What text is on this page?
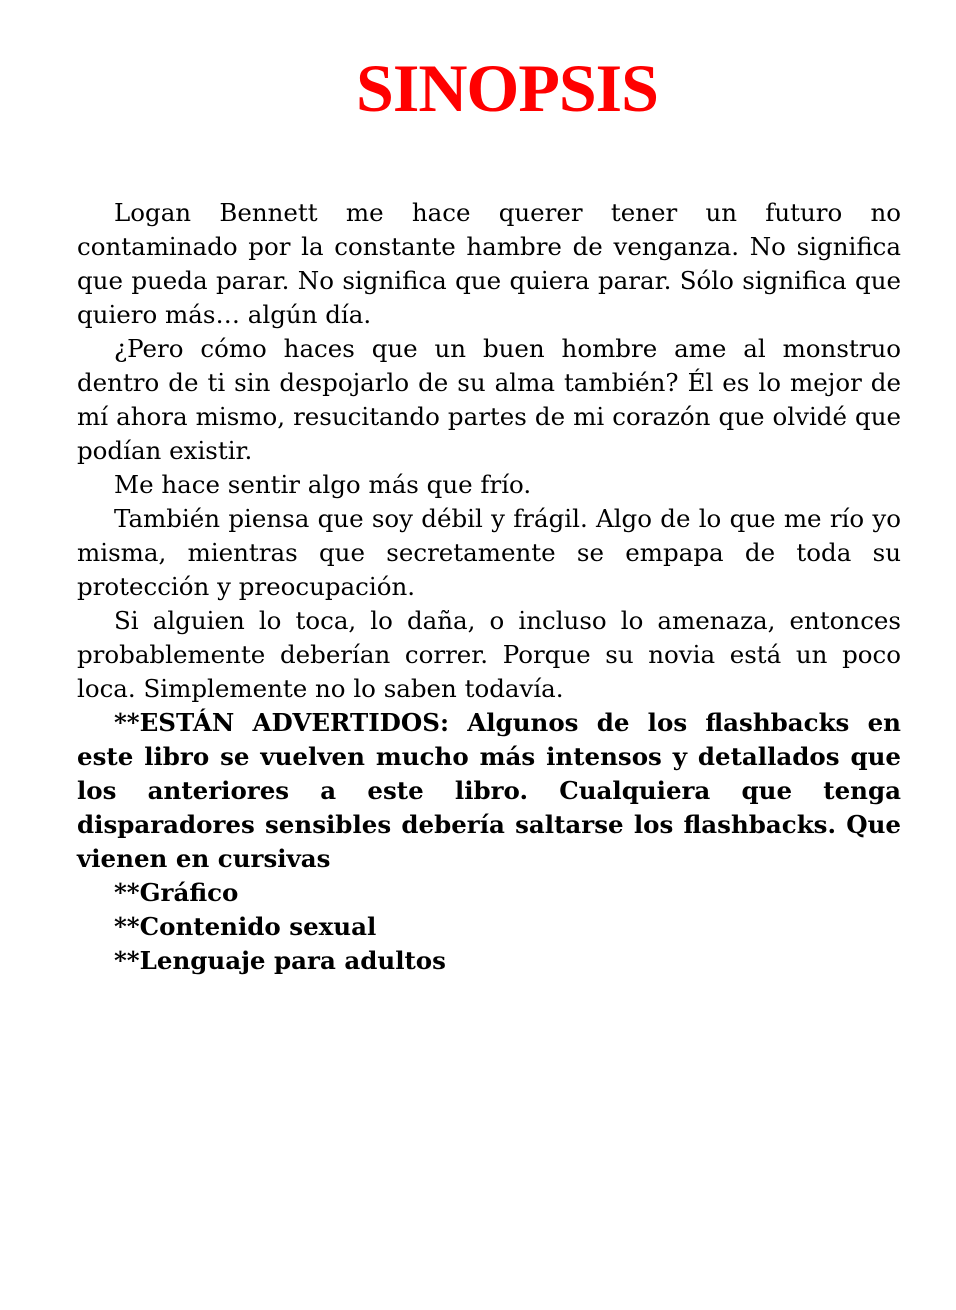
SINOPSIS

Logan Bennett me hace querer tener un futuro no contaminado por la constante hambre de venganza. No significa que pueda parar. No significa que quiera parar. Sólo significa que quiero más… algún día.

¿Pero cómo haces que un buen hombre ame al monstruo dentro de ti sin despojarlo de su alma también? Él es lo mejor de mí ahora mismo, resucitando partes de mi corazón que olvidé que podían existir.

Me hace sentir algo más que frío.

También piensa que soy débil y frágil. Algo de lo que me río yo misma, mientras que secretamente se empapa de toda su protección y preocupación.

Si alguien lo toca, lo daña, o incluso lo amenaza, entonces probablemente deberían correr. Porque su novia está un poco loca. Simplemente no lo saben todavía.

**ESTÁN ADVERTIDOS: Algunos de los flashbacks en este libro se vuelven mucho más intensos y detallados que los anteriores a este libro. Cualquiera que tenga disparadores sensibles debería saltarse los flashbacks. Que vienen en cursivas

**Gráfico

**Contenido sexual

**Lenguaje para adultos
